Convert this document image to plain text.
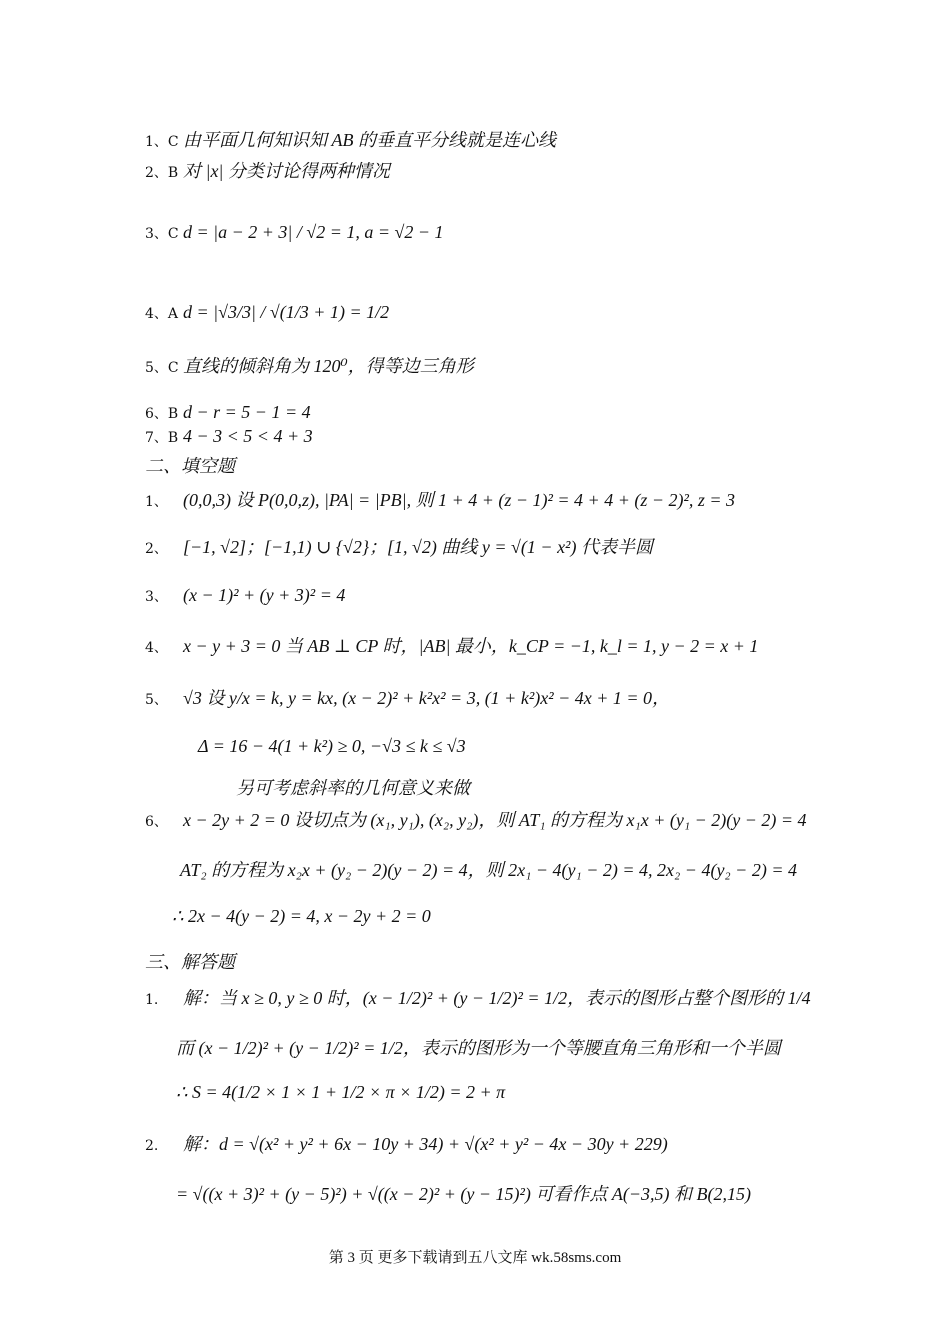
1、C 由平面几何知识知 AB 的垂直平分线就是连心线
2、B 对 |x| 分类讨论得两种情况
3、C d = |a − 2 + 3| / √2 = 1, a = √2 − 1
4、A d = |√3/3| / √(1/3 + 1) = 1/2
5、C 直线的倾斜角为 120⁰，得等边三角形
6、B d − r = 5 − 1 = 4
7、B 4 − 3 < 5 < 4 + 3
二、填空题
1、 (0,0,3) 设 P(0,0,z), |PA| = |PB|, 则 1 + 4 + (z − 1)² = 4 + 4 + (z − 2)², z = 3
2、 [−1, √2]；[−1,1) ∪ {√2}；[1, √2) 曲线 y = √(1 − x²) 代表半圆
3、 (x − 1)² + (y + 3)² = 4
4、 x − y + 3 = 0 当 AB ⊥ CP 时，|AB| 最小，k_CP = −1, k_l = 1, y − 2 = x + 1
5、 √3 设 y/x = k, y = kx, (x − 2)² + k²x² = 3, (1 + k²)x² − 4x + 1 = 0，
Δ = 16 − 4(1 + k²) ≥ 0, −√3 ≤ k ≤ √3
另可考虑斜率的几何意义来做
6、 x − 2y + 2 = 0 设切点为 (x₁, y₁), (x₂, y₂)，则 AT₁ 的方程为 x₁x + (y₁ − 2)(y − 2) = 4
AT₂ 的方程为 x₂x + (y₂ − 2)(y − 2) = 4，则 2x₁ − 4(y₁ − 2) = 4, 2x₂ − 4(y₂ − 2) = 4
∴ 2x − 4(y − 2) = 4, x − 2y + 2 = 0
三、解答题
1. 解：当 x ≥ 0, y ≥ 0 时，(x − 1/2)² + (y − 1/2)² = 1/2，表示的图形占整个图形的 1/4
而 (x − 1/2)² + (y − 1/2)² = 1/2，表示的图形为一个等腰直角三角形和一个半圆
∴ S = 4(1/2 × 1 × 1 + 1/2 × π × 1/2) = 2 + π
2. 解：d = √(x² + y² + 6x − 10y + 34) + √(x² + y² − 4x − 30y + 229)
= √((x + 3)² + (y − 5)²) + √((x − 2)² + (y − 15)²) 可看作点 A(−3,5) 和 B(2,15)
第 3 页 更多下载请到五八文库 wk.58sms.com
